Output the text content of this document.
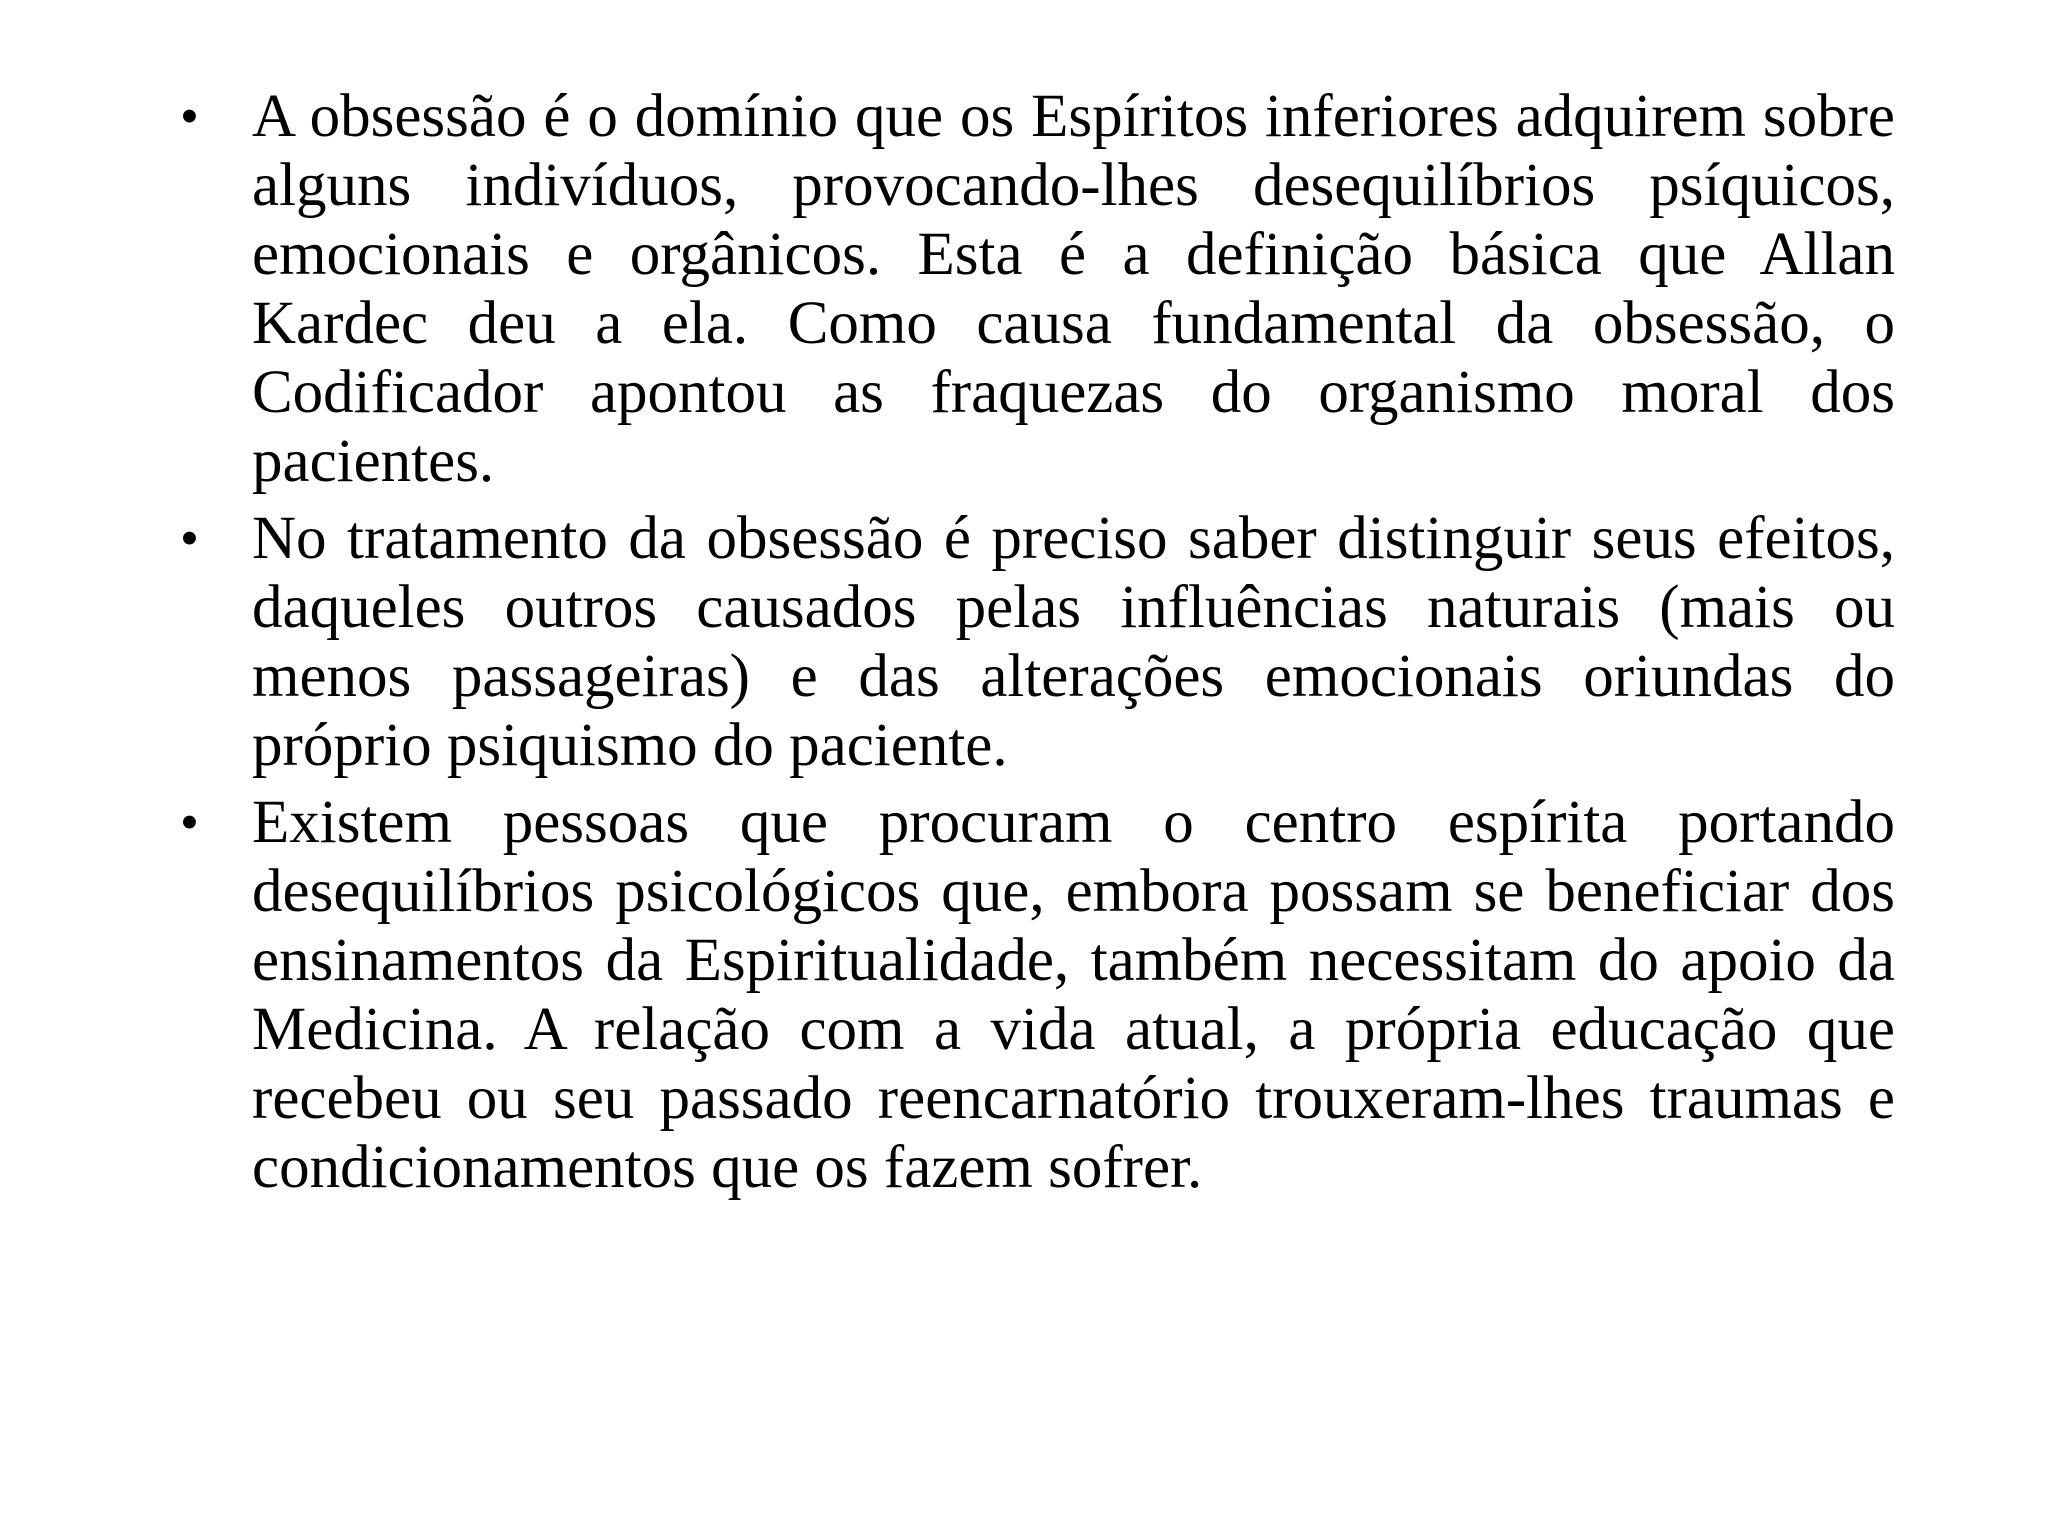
• A obsessão é o domínio que os Espíritos inferiores adquirem sobre alguns indivíduos, provocando-lhes desequilíbrios psíquicos, emocionais e orgânicos. Esta é a definição básica que Allan Kardec deu a ela. Como causa fundamental da obsessão, o Codificador apontou as fraquezas do organismo moral dos pacientes.
• No tratamento da obsessão é preciso saber distinguir seus efeitos, daqueles outros causados pelas influências naturais (mais ou menos passageiras) e das alterações emocionais oriundas do próprio psiquismo do paciente.
• Existem pessoas que procuram o centro espírita portando desequilíbrios psicológicos que, embora possam se beneficiar dos ensinamentos da Espiritualidade, também necessitam do apoio da Medicina. A relação com a vida atual, a própria educação que recebeu ou seu passado reencarnatório trouxeram-lhes traumas e condicionamentos que os fazem sofrer.
